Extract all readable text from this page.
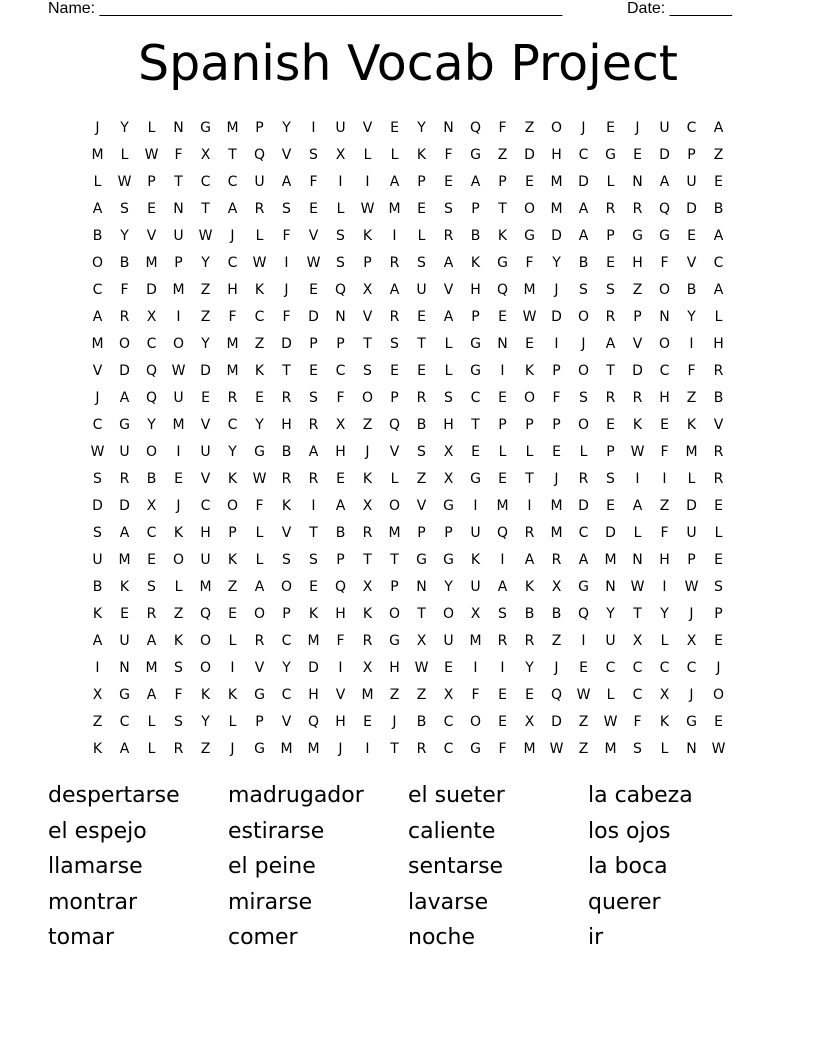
Name: ____________________________________________________	Date: _______
Spanish Vocab Project
J	Y	L	N	G	M	P	Y	I	U	V	E	Y	N	Q	F	Z	O	J	E	J	U	C	A
M	L	W	F	X	T	Q	V	S	X	L	L	K	F	G	Z	D	H	C	G	E	D	P	Z
L	W	P	T	C	C	U	A	F	I	I	A	P	E	A	P	E	M	D	L	N	A	U	E
A	S	E	N	T	A	R	S	E	L	W	M	E	S	P	T	O	M	A	R	R	Q	D	B
B	Y	V	U	W	J	L	F	V	S	K	I	L	R	B	K	G	D	A	P	G	G	E	A
O	B	M	P	Y	C	W	I	W	S	P	R	S	A	K	G	F	Y	B	E	H	F	V	C
C	F	D	M	Z	H	K	J	E	Q	X	A	U	V	H	Q	M	J	S	S	Z	O	B	A
A	R	X	I	Z	F	C	F	D	N	V	R	E	A	P	E	W	D	O	R	P	N	Y	L
M	O	C	O	Y	M	Z	D	P	P	T	S	T	L	G	N	E	I	J	A	V	O	I	H
V	D	Q	W	D	M	K	T	E	C	S	E	E	L	G	I	K	P	O	T	D	C	F	R
J	A	Q	U	E	R	E	R	S	F	O	P	R	S	C	E	O	F	S	R	R	H	Z	B
C	G	Y	M	V	C	Y	H	R	X	Z	Q	B	H	T	P	P	P	O	E	K	E	K	V
W	U	O	I	U	Y	G	B	A	H	J	V	S	X	E	L	L	E	L	P	W	F	M	R
S	R	B	E	V	K	W	R	R	E	K	L	Z	X	G	E	T	J	R	S	I	I	L	R
D	D	X	J	C	O	F	K	I	A	X	O	V	G	I	M	I	M	D	E	A	Z	D	E
S	A	C	K	H	P	L	V	T	B	R	M	P	P	U	Q	R	M	C	D	L	F	U	L
U	M	E	O	U	K	L	S	S	P	T	T	G	G	K	I	A	R	A	M	N	H	P	E
B	K	S	L	M	Z	A	O	E	Q	X	P	N	Y	U	A	K	X	G	N	W	I	W	S
K	E	R	Z	Q	E	O	P	K	H	K	O	T	O	X	S	B	B	Q	Y	T	Y	J	P
A	U	A	K	O	L	R	C	M	F	R	G	X	U	M	R	R	Z	I	U	X	L	X	E
I	N	M	S	O	I	V	Y	D	I	X	H	W	E	I	I	Y	J	E	C	C	C	C	J
X	G	A	F	K	K	G	C	H	V	M	Z	Z	X	F	E	E	Q	W	L	C	X	J	O
Z	C	L	S	Y	L	P	V	Q	H	E	J	B	C	O	E	X	D	Z	W	F	K	G	E
K	A	L	R	Z	J	G	M	M	J	I	T	R	C	G	F	M	W	Z	M	S	L	N	W
despertarse	madrugador	el sueter	la cabeza
el espejo	estirarse	caliente	los ojos
llamarse	el peine	sentarse	la boca
montrar	mirarse	lavarse	querer
tomar	comer	noche	ir
